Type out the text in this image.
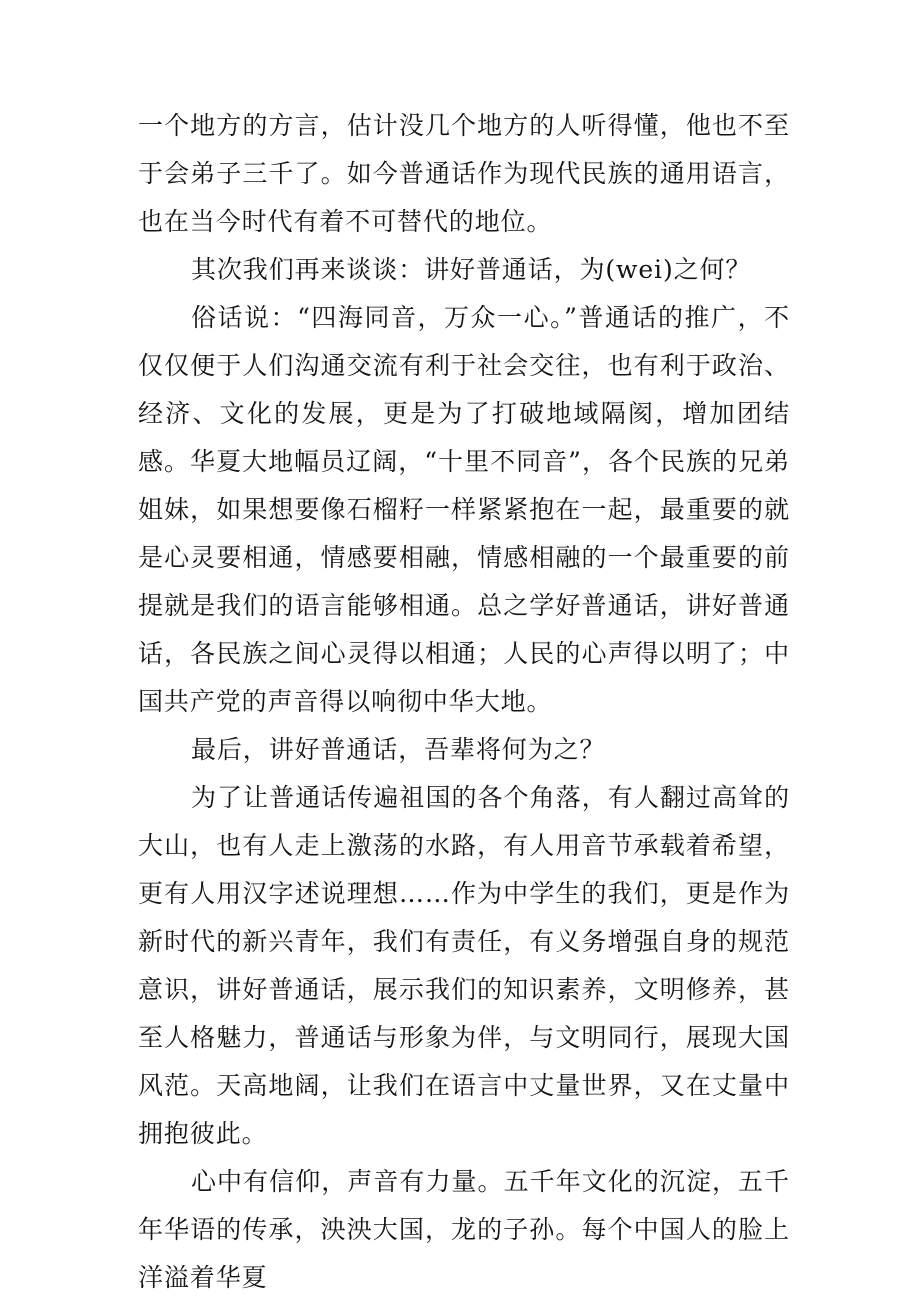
一个地方的方言，估计没几个地方的人听得懂，他也不至于会弟子三千了。如今普通话作为现代民族的通用语言，也在当今时代有着不可替代的地位。

其次我们再来谈谈：讲好普通话，为(wei)之何？

俗话说：“四海同音，万众一心。”普通话的推广，不仅仅便于人们沟通交流有利于社会交往，也有利于政治、经济、文化的发展，更是为了打破地域隔阂，增加团结感。华夏大地幅员辽阔，“十里不同音”，各个民族的兄弟姐妹，如果想要像石榴籽一样紧紧抱在一起，最重要的就是心灵要相通，情感要相融，情感相融的一个最重要的前提就是我们的语言能够相通。总之学好普通话，讲好普通话，各民族之间心灵得以相通；人民的心声得以明了；中国共产党的声音得以响彻中华大地。

最后，讲好普通话，吾辈将何为之？

为了让普通话传遍祖国的各个角落，有人翻过高耸的大山，也有人走上激荡的水路，有人用音节承载着希望，更有人用汉字述说理想……作为中学生的我们，更是作为新时代的新兴青年，我们有责任，有义务增强自身的规范意识，讲好普通话，展示我们的知识素养，文明修养，甚至人格魅力，普通话与形象为伴，与文明同行，展现大国风范。天高地阔，让我们在语言中丈量世界，又在丈量中拥抱彼此。

心中有信仰，声音有力量。五千年文化的沉淀，五千年华语的传承，泱泱大国，龙的子孙。每个中国人的脸上洋溢着华夏
